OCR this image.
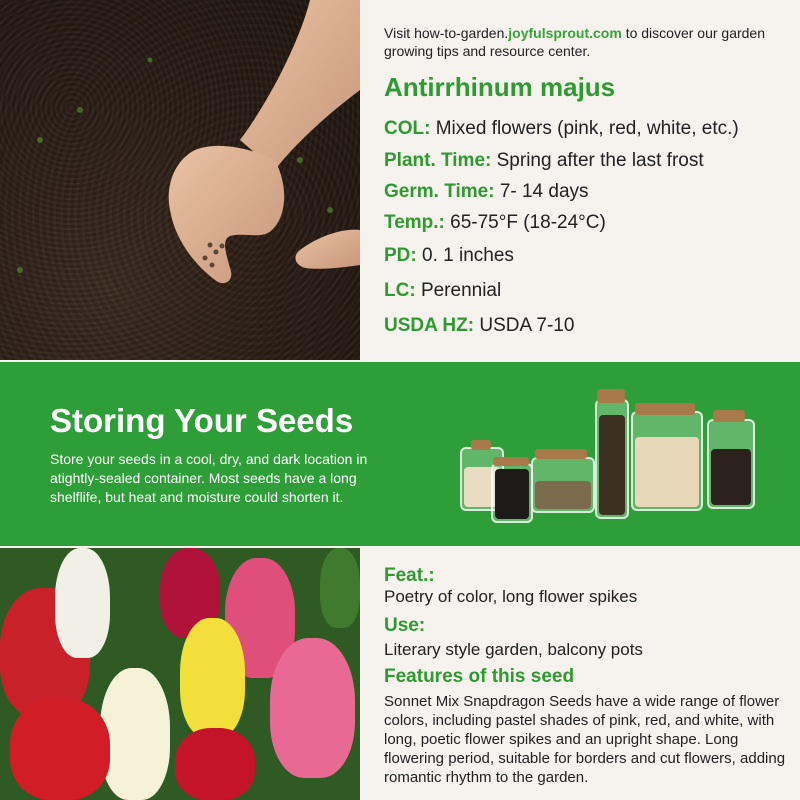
Visit how-to-garden.joyfulsprout.com to discover our garden growing tips and resource center.
Antirrhinum majus
COL: Mixed flowers (pink, red, white, etc.)
Plant. Time: Spring after the last frost
Germ. Time: 7- 14 days
Temp.: 65-75°F (18-24°C)
PD: 0. 1 inches
LC: Perennial
USDA HZ: USDA 7-10
Storing Your Seeds
Store your seeds in a cool, dry, and dark location in atightly-sealed container. Most seeds have a long shelflife, but heat and moisture could shorten it.
Feat.:
Poetry of color, long flower spikes
Use:
Literary style garden, balcony pots
Features of this seed
Sonnet Mix Snapdragon Seeds have a wide range of flower colors, including pastel shades of pink, red, and white, with long, poetic flower spikes and an upright shape. Long flowering period, suitable for borders and cut flowers, adding romantic rhythm to the garden.
